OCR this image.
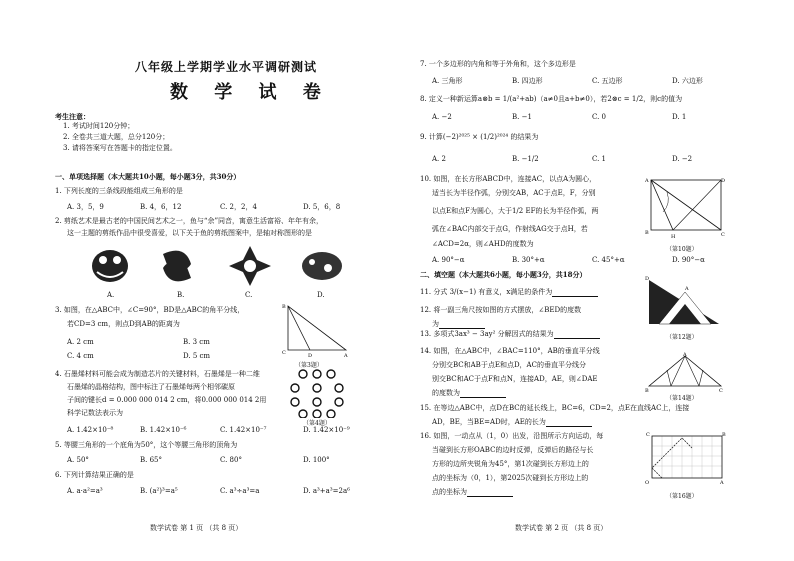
八年级上学期学业水平调研测试
数 学 试 卷
考生注意：
1. 考试时间120分钟；
2. 全卷共三道大题，总分120分；
3. 请将答案写在答题卡的指定位置。
一、单项选择题（本大题共10小题，每小题3分，共30分）
1. 下列长度的三条线段能组成三角形的是
A. 3，5，9	B. 4，6，12	C. 2，2，4	D. 5，6，8
2. 剪纸艺术是最古老的中国民间艺术之一，鱼与“余”同音，寓意生活富裕、年年有余，
这一主题的剪纸作品中很受喜爱，以下关于鱼的剪纸图案中，是轴对称图形的是
A.	B.	C.	D.
3. 如图，在△ABC中，∠C=90°，BD是△ABC的角平分线，
若CD=3 cm，则点D到AB的距离为
A. 2 cm	B. 3 cm
C. 4 cm	D. 5 cm
B
C	D	A
（第3题）
4. 石墨烯材料可能会成为制造芯片的关键材料，石墨烯是一种二维
石墨烯的晶格结构，图中标注了石墨烯每两个相邻碳原
子间的键长d = 0.000 000 014 2 cm，将0.000 000 014 2用
科学记数法表示为
（第4题）
A. 1.42×10⁻⁸	B. 1.42×10⁻⁶	C. 1.42×10⁻⁷	D. 1.42×10⁻⁹
5. 等腰三角形的一个底角为50°，这个等腰三角形的顶角为
A. 50°	B. 65°	C. 80°	D. 100°
6. 下列计算结果正确的是
A. a·a²=a³	B. (a²)³=a⁵	C. a³÷a³=a	D. a³+a³=2a⁶
数学试卷 第 1 页 （共 8 页）
7. 一个多边形的内角和等于外角和，这个多边形是
A. 三角形	B. 四边形	C. 五边形	D. 六边形
8. 定义一种新运算a⊗b = 1/(a²+ab)（a≠0且a+b≠0），若2⊗c = 1/2，则c的值为
A. −2	B. −1	C. 0	D. 1
9. 计算(−2)²⁰²⁵ × (1/2)²⁰²⁴ 的结果为
A. 2	B. −1/2	C. 1	D. −2
10. 如图，在长方形ABCD中，连接AC，以点A为圆心，
适当长为半径作弧，分别交AB，AC于点E，F，分别
以点E和点F为圆心，大于1/2 EF的长为半径作弧，两
弧在∠BAC内部交于点G，作射线AG交于点H，若
∠ACD=2α，则∠AHD的度数为
A
B	C
D
H
（第10题）
A. 90°−α	B. 30°+α	C. 45°+α	D. 90°−α
二、填空题（本大题共6小题，每小题3分，共18分）
11. 分式 3/(x−1) 有意义，x满足的条件为
12. 将一副三角尺按如图的方式摆放，∠BED的度数
为
D
A
（第12题）
13. 多项式3ax³ − 3ay² 分解因式的结果为
14. 如图，在△ABC中，∠BAC=110°，AB的垂直平分线
分别交BC和AB于点E和点D，AC的垂直平分线分
别交BC和AC于点F和点N，连接AD，AE，则∠DAE
的度数为
A
B	C
（第14题）
15. 在等边△ABC中，点D在BC的延长线上，BC=6，CD=2，点E在直线AC上，连接
AD，BE，当BE=AD时，AE的长为
16. 如图，一动点从（1，0）出发，沿图所示方向运动，每
当碰到长方形OABC的边时反弹，反弹后的路径与长
方形的边所夹锐角为45°，第1次碰到长方形边上的
点的坐标为（0，1），第2025次碰到长方形边上的
点的坐标为
O	A
B
C
（第16题）
数学试卷 第 2 页 （共 8 页）
